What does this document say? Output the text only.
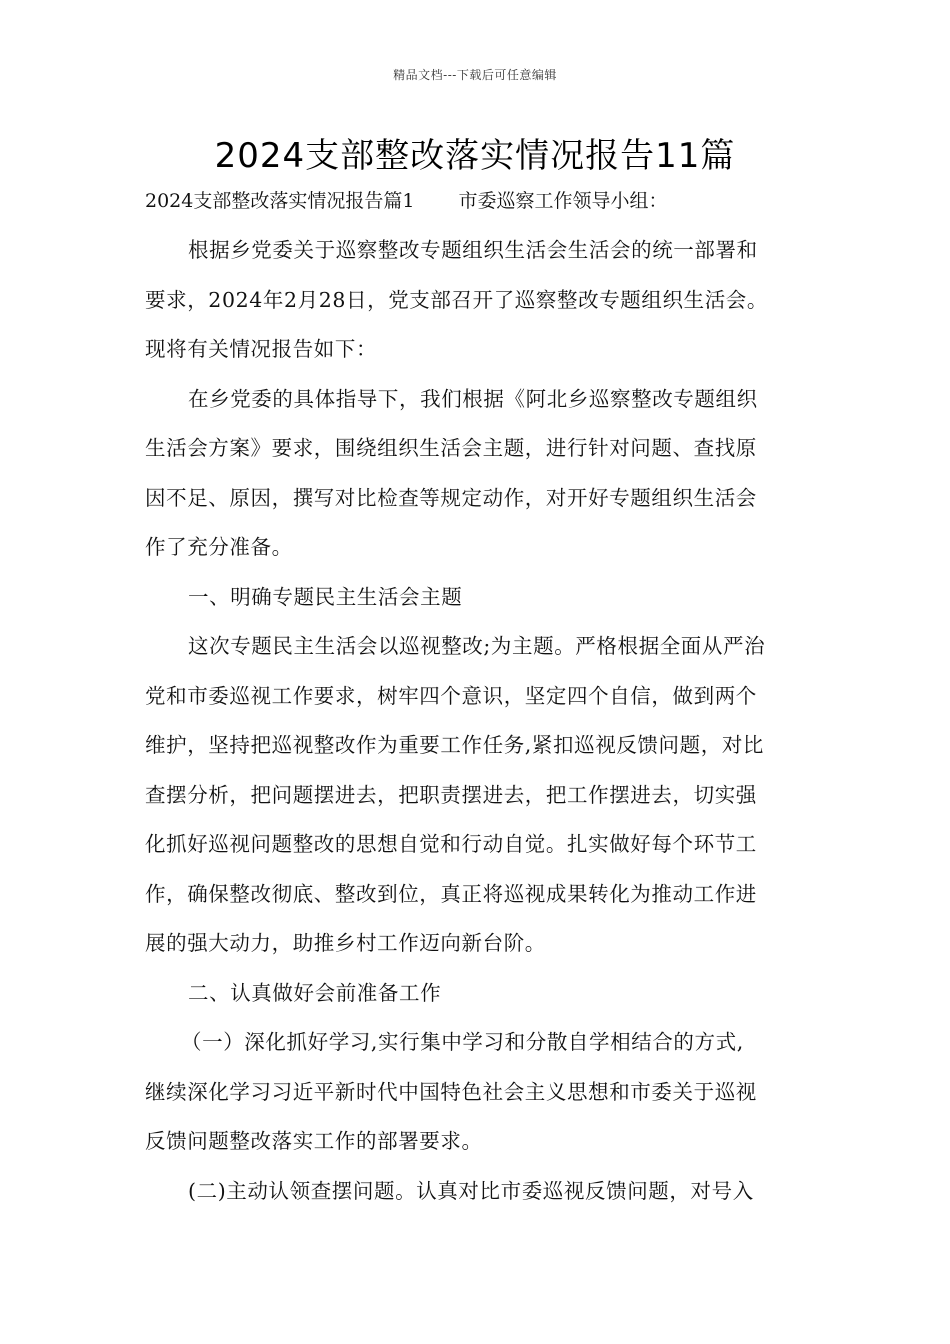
精品文档---下载后可任意编辑
2024支部整改落实情况报告11篇
2024支部整改落实情况报告篇1 市委巡察工作领导小组：
根据乡党委关于巡察整改专题组织生活会生活会的统一部署和
要求，2024年2月28日，党支部召开了巡察整改专题组织生活会。
现将有关情况报告如下：
在乡党委的具体指导下，我们根据《阿北乡巡察整改专题组织
生活会方案》要求，围绕组织生活会主题，进行针对问题、查找原
因不足、原因，撰写对比检查等规定动作，对开好专题组织生活会
作了充分准备。
一、明确专题民主生活会主题
这次专题民主生活会以巡视整改;为主题。严格根据全面从严治
党和市委巡视工作要求，树牢四个意识，坚定四个自信，做到两个
维护，坚持把巡视整改作为重要工作任务,紧扣巡视反馈问题，对比
查摆分析，把问题摆进去，把职责摆进去，把工作摆进去，切实强
化抓好巡视问题整改的思想自觉和行动自觉。扎实做好每个环节工
作，确保整改彻底、整改到位，真正将巡视成果转化为推动工作进
展的强大动力，助推乡村工作迈向新台阶。
二、认真做好会前准备工作
（一）深化抓好学习,实行集中学习和分散自学相结合的方式,
继续深化学习习近平新时代中国特色社会主义思想和市委关于巡视
反馈问题整改落实工作的部署要求。
(二)主动认领查摆问题。认真对比市委巡视反馈问题，对号入
